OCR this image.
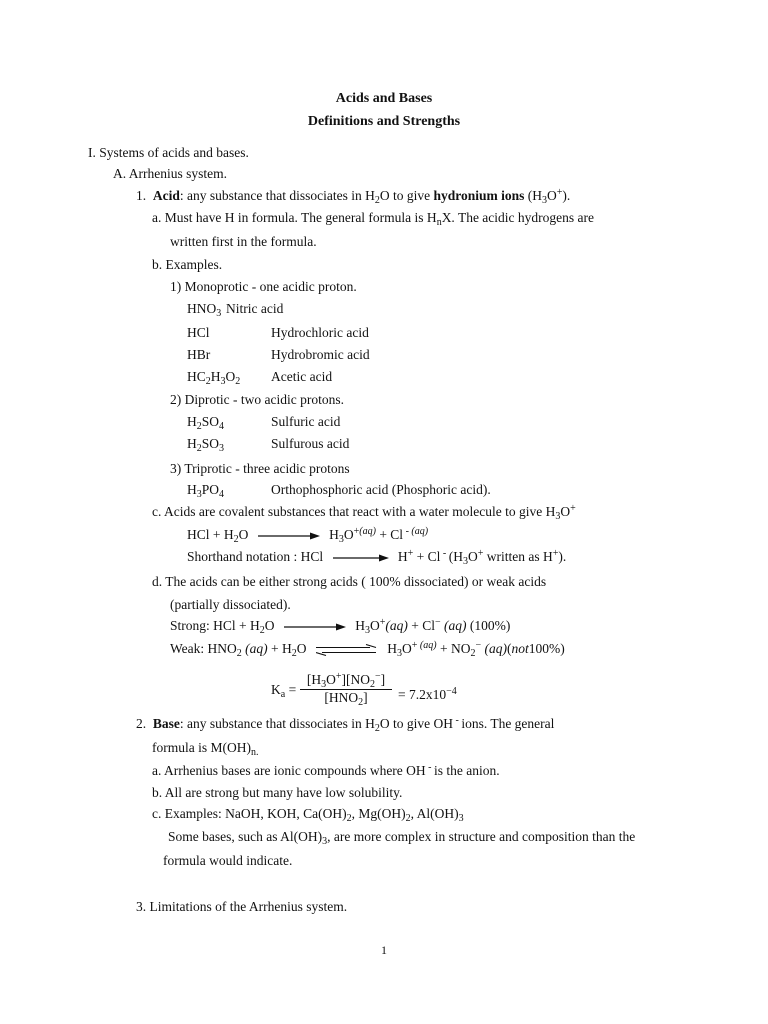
Acids and Bases
Definitions and Strengths
I. Systems of acids and bases.
A. Arrhenius system.
1. Acid: any substance that dissociates in $H_2O$ to give hydronium ions $(H_3O^+)$.
a. Must have H in formula. The general formula is $H_nX$. The acidic hydrogens are
written first in the formula.
b. Examples.
1) Monoprotic - one acidic proton.
$HNO_3$ Nitric acid
HCl	Hydrochloric acid
HBr	Hydrobromic acid
$HC_2H_3O_2$ Acetic acid
2) Diprotic - two acidic protons.
$H_2SO_4$	Sulfuric acid
$H_2SO_3$	Sulfurous acid
3) Triprotic - three acidic protons
$H_3PO_4$	Orthophosphoric acid (Phosphoric acid).
c. Acids are covalent substances that react with a water molecule to give $H_3O^+$
HCl + $H_2O$	$H_3O^{+(aq)} + Cl$ - $^{(aq)}$
Shorthand notation : HCl	H+ + Cl - ($H_3O^+$ written as H+).
d. The acids can be either strong acids ( 100% dissociated) or weak acids
(partially dissociated).
Strong: HCl + $H_2O$	$H_3O^+(aq) + Cl^-$ (aq) (100%)
Weak: $HNO_2$ $(aq) + H_2O$	$H_3O^+$ $^{(aq)} + NO_2^-$ (aq)(not100%)
$K_a$ =
$[H_3O^+][NO_2^-]$
$[HNO_2]$	= $7.2x10^{-4}$
2. Base: any substance that dissociates in $H_2O$ to give OH - ions. The general
formula is $M(OH)_{n.}$
a. Arrhenius bases are ionic compounds where OH - is the anion.
b. All are strong but many have low solubility.
c. Examples: NaOH, KOH, $Ca(OH)_2$, $Mg(OH)_2$, $Al(OH)_3$
Some bases, such as $Al(OH)_3$, are more complex in structure and composition than the
formula would indicate.
3. Limitations of the Arrhenius system.
1
